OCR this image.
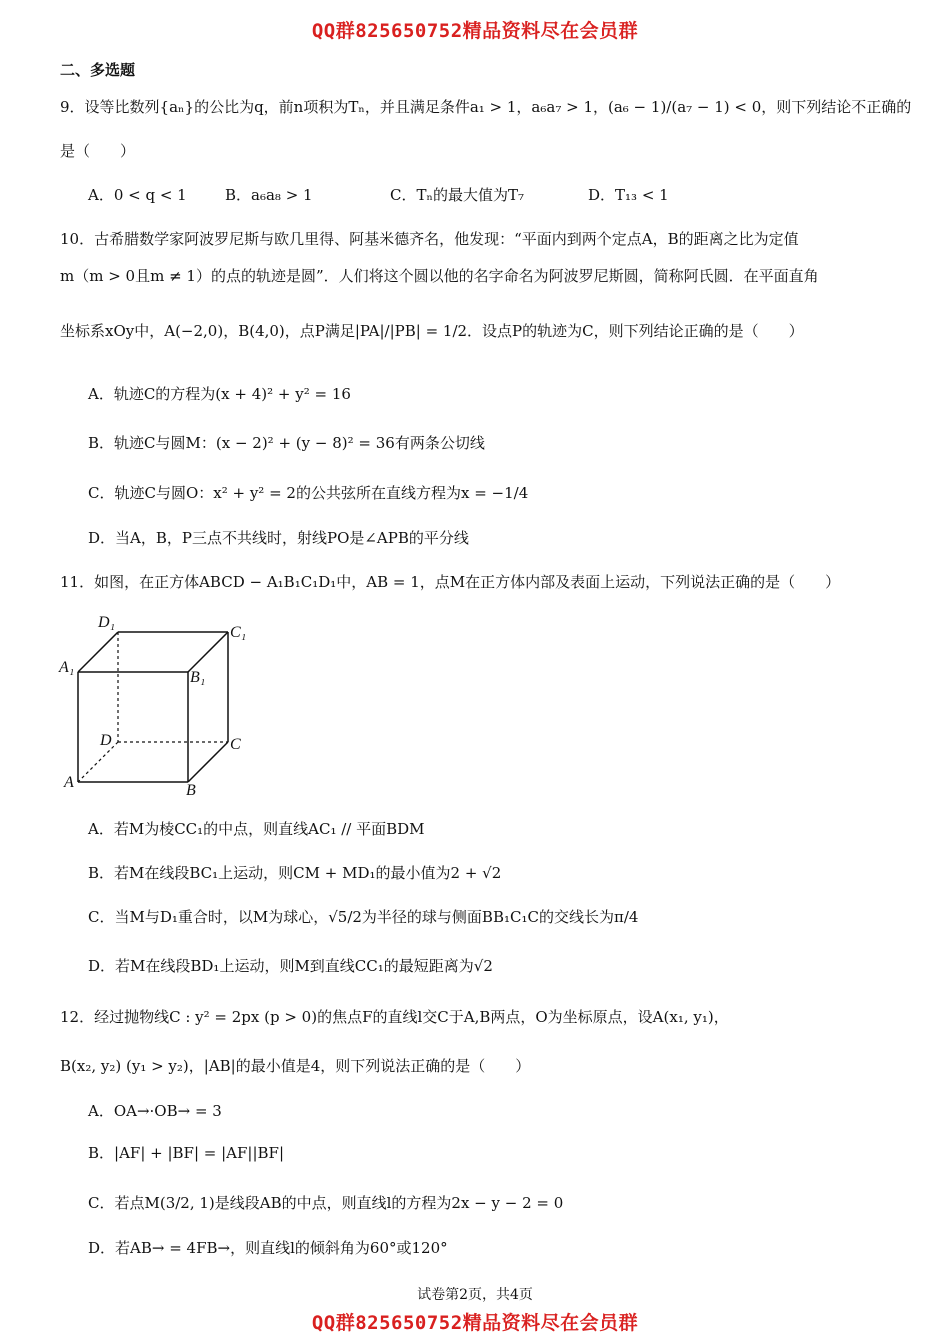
QQ群825650752精品资料尽在会员群
二、多选题
9．设等比数列{aₙ}的公比为q，前n项积为Tₙ，并且满足条件a₁ > 1，a₆a₇ > 1，(a₆ − 1)/(a₇ − 1) < 0，则下列结论不正确的
是（　　）
A．0 < q < 1	B．a₆a₈ > 1	C．Tₙ的最大值为T₇	D．T₁₃ < 1
10．古希腊数学家阿波罗尼斯与欧几里得、阿基米德齐名，他发现：“平面内到两个定点A，B的距离之比为定值
m（m > 0且m ≠ 1）的点的轨迹是圆”．人们将这个圆以他的名字命名为阿波罗尼斯圆，简称阿氏圆．在平面直角
坐标系xOy中，A(−2,0)，B(4,0)，点P满足|PA|/|PB| = 1/2．设点P的轨迹为C，则下列结论正确的是（　　）
A．轨迹C的方程为(x + 4)² + y² = 16
B．轨迹C与圆M：(x − 2)² + (y − 8)² = 36有两条公切线
C．轨迹C与圆O：x² + y² = 2的公共弦所在直线方程为x = −1/4
D．当A，B，P三点不共线时，射线PO是∠APB的平分线
11．如图，在正方体ABCD − A₁B₁C₁D₁中，AB = 1，点M在正方体内部及表面上运动，下列说法正确的是（　　）
D₁
C₁
A₁
B₁
D	C
A	B
A．若M为棱CC₁的中点，则直线AC₁ // 平面BDM
B．若M在线段BC₁上运动，则CM + MD₁的最小值为2 + √2
C．当M与D₁重合时，以M为球心，√5/2为半径的球与侧面BB₁C₁C的交线长为π/4
D．若M在线段BD₁上运动，则M到直线CC₁的最短距离为√2
12．经过抛物线C : y² = 2px (p > 0)的焦点F的直线l交C于A,B两点，O为坐标原点，设A(x₁, y₁)，
B(x₂, y₂) (y₁ > y₂)，|AB|的最小值是4，则下列说法正确的是（　　）
A．OA→·OB→ = 3
B．|AF| + |BF| = |AF||BF|
C．若点M(3/2, 1)是线段AB的中点，则直线l的方程为2x − y − 2 = 0
D．若AB→ = 4FB→，则直线l的倾斜角为60°或120°
试卷第2页，共4页
QQ群825650752精品资料尽在会员群
